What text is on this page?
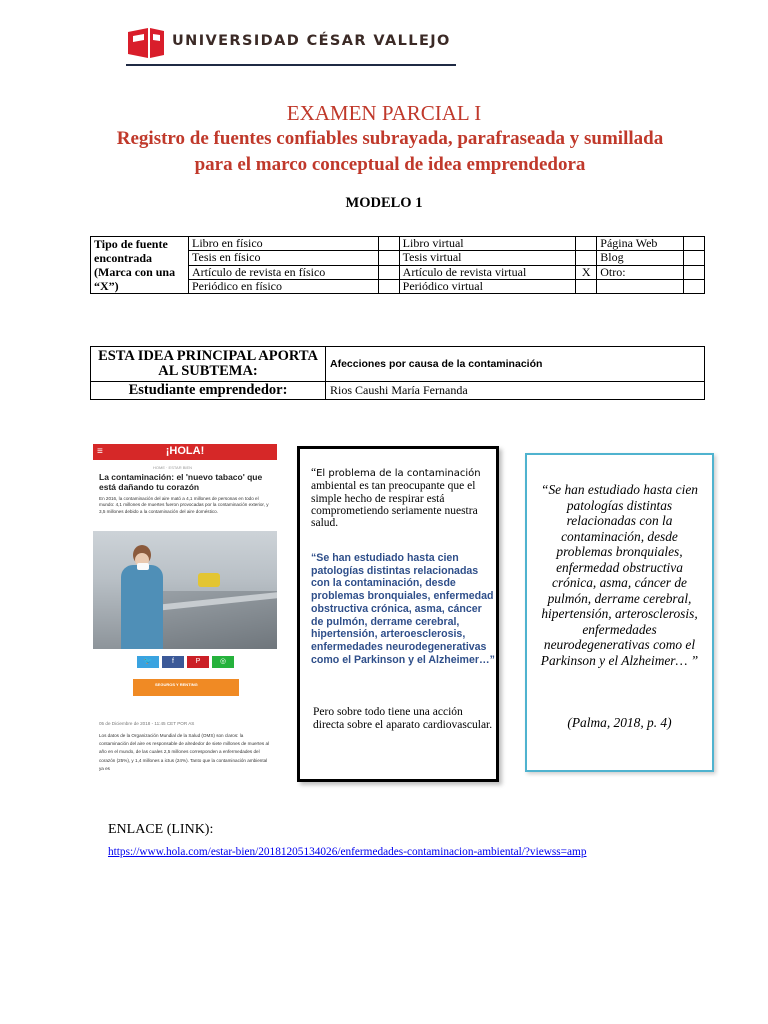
UNIVERSIDAD CÉSAR VALLEJO
EXAMEN PARCIAL I
Registro de fuentes confiables subrayada, parafraseada y sumillada para el marco conceptual de idea emprendedora
MODELO 1
Tipo de fuente encontrada (Marca con una “X”)	Libro en físico		Libro virtual		Página Web	
	Tesis en físico		Tesis virtual		Blog	
	Artículo de revista en físico		Artículo de revista virtual	X	Otro:	
	Periódico en físico		Periódico virtual			
ESTA IDEA PRINCIPAL APORTA AL SUBTEMA:	Afecciones por causa de la contaminación
Estudiante emprendedor:	Rios Caushi María Fernanda
≡	¡HOLA!
HOME · ESTAR BIEN
La contaminación: el 'nuevo tabaco' que está dañando tu corazón
En 2016, la contaminación del aire mató a 4,1 millones de personas en todo el mundo: 4,1 millones de muertes fueron provocadas por la contaminación exterior, y 3,5 millones debido a la contaminación del aire doméstico.
🐦	f	P	◎
SEGUROS Y RENTING
05 de Diciembre de 2018 - 11:45 CET POR AS
Los datos de la Organización Mundial de la Salud (OMS) son claros: la contaminación del aire es responsable de alrededor de siete millones de muertes al año en el mundo, de las cuales 2,5 millones corresponden a enfermedades del corazón (25%), y 1,4 millones a ictus (24%). Tanto que la contaminación ambiental ya es
“El problema de la contaminación ambiental es tan preocupante que el simple hecho de respirar está comprometiendo seriamente nuestra salud.
“Se han estudiado hasta cien patologías distintas relacionadas con la contaminación, desde problemas bronquiales, enfermedad obstructiva crónica, asma, cáncer de pulmón, derrame cerebral, hipertensión, arteroesclerosis, enfermedades neurodegenerativas como el Parkinson y el Alzheimer…”
Pero sobre todo tiene una acción directa sobre el aparato cardiovascular.
“Se han estudiado hasta cien patologías distintas relacionadas con la contaminación, desde problemas bronquiales, enfermedad obstructiva crónica, asma, cáncer de pulmón, derrame cerebral, hipertensión, arterosclerosis, enfermedades neurodegenerativas como el Parkinson y el Alzheimer… ”
(Palma, 2018, p. 4)
ENLACE (LINK):
https://www.hola.com/estar-bien/20181205134026/enfermedades-contaminacion-ambiental/?viewss=amp
